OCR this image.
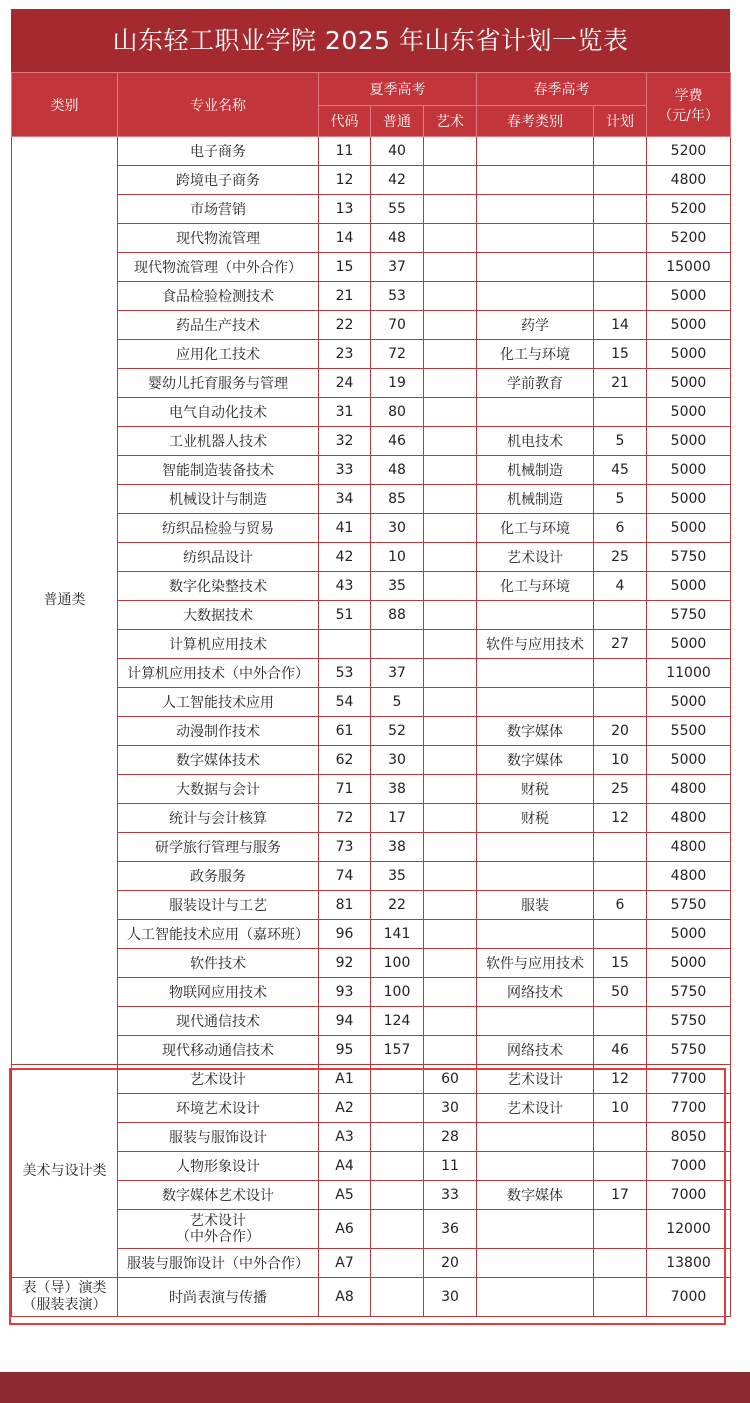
山东轻工职业学院 2025 年山东省计划一览表
类别	专业名称	夏季高考			春季高考		学费
（元/年）

		代码	普通	艺术	春考类别	计划	
普通类	电子商务	11	40				5200
	跨境电子商务	12	42				4800
	市场营销	13	55				5200
	现代物流管理	14	48				5200
	现代物流管理（中外合作）	15	37				15000
	食品检验检测技术	21	53				5000
	药品生产技术	22	70		药学	14	5000
	应用化工技术	23	72		化工与环境	15	5000
	婴幼儿托育服务与管理	24	19		学前教育	21	5000
	电气自动化技术	31	80				5000
	工业机器人技术	32	46		机电技术	5	5000
	智能制造装备技术	33	48		机械制造	45	5000
	机械设计与制造	34	85		机械制造	5	5000
	纺织品检验与贸易	41	30		化工与环境	6	5000
	纺织品设计	42	10		艺术设计	25	5750
	数字化染整技术	43	35		化工与环境	4	5000
	大数据技术	51	88				5750
	计算机应用技术				软件与应用技术	27	5000
	计算机应用技术（中外合作）	53	37				11000
	人工智能技术应用	54	5				5000
	动漫制作技术	61	52		数字媒体	20	5500
	数字媒体技术	62	30		数字媒体	10	5000
	大数据与会计	71	38		财税	25	4800
	统计与会计核算	72	17		财税	12	4800
	研学旅行管理与服务	73	38				4800
	政务服务	74	35				4800
	服装设计与工艺	81	22		服装	6	5750
	人工智能技术应用（嘉环班）	96	141				5000
	软件技术	92	100		软件与应用技术	15	5000
	物联网应用技术	93	100		网络技术	50	5750
	现代通信技术	94	124				5750
	现代移动通信技术	95	157		网络技术	46	5750
美术与设计类	艺术设计	A1		60	艺术设计	12	7700
	环境艺术设计	A2		30	艺术设计	10	7700
	服装与服饰设计	A3		28			8050
	人物形象设计	A4		11			7000
	数字媒体艺术设计	A5		33	数字媒体	17	7000
	艺术设计
（中外合作）	A6		36			12000
	服装与服饰设计（中外合作）	A7		20			13800
表（导）演类
（服装表演）	时尚表演与传播	A8		30			7000
